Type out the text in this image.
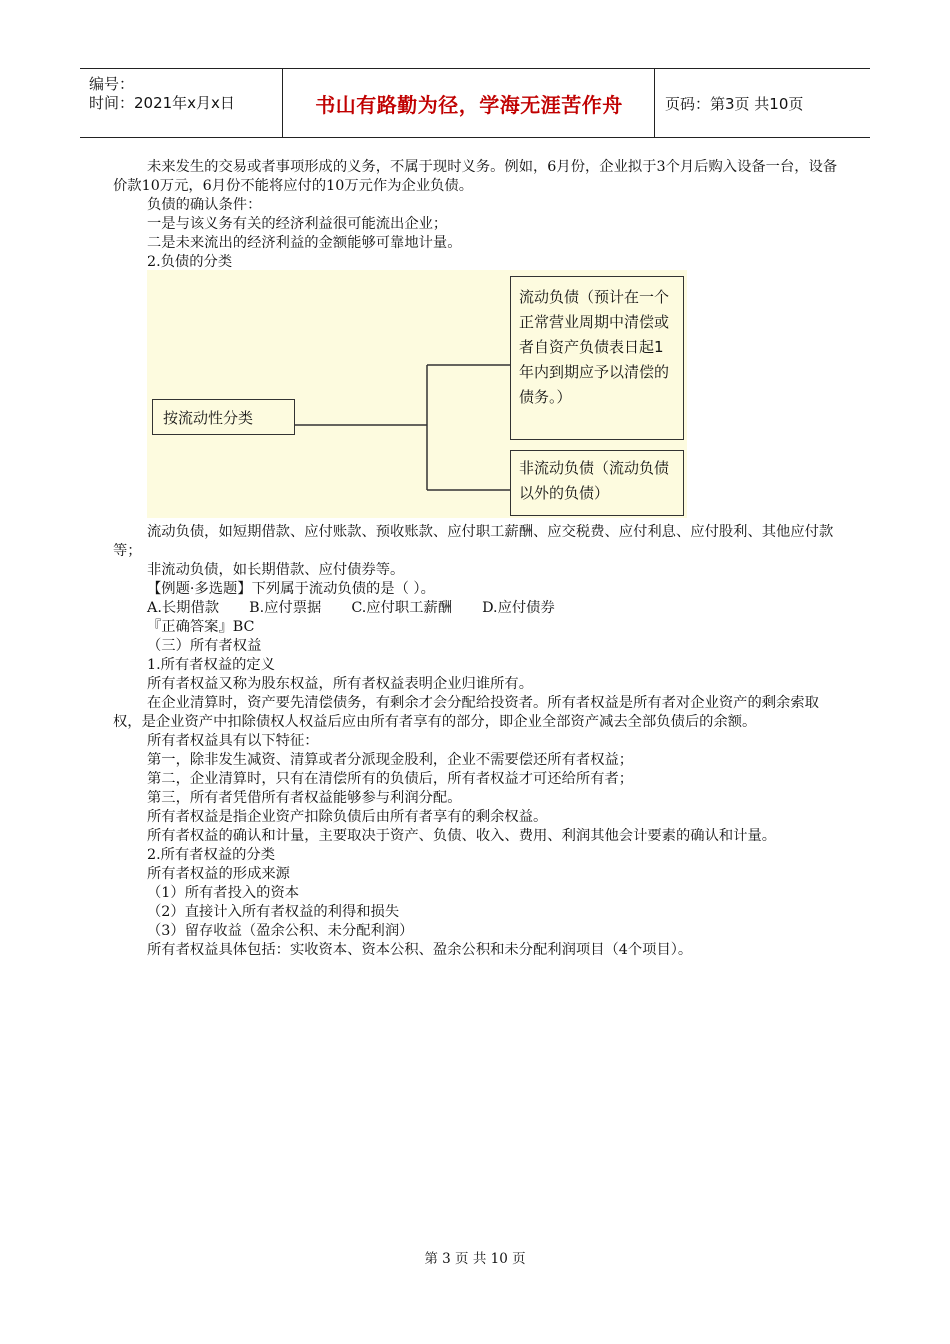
编号：
时间：2021年x月x日	书山有路勤为径，学海无涯苦作舟	页码：第3页 共10页

未来发生的交易或者事项形成的义务，不属于现时义务。例如，6月份，企业拟于3个月后购入设备一台，设备价款10万元，6月份不能将应付的10万元作为企业负债。

负债的确认条件：

一是与该义务有关的经济利益很可能流出企业；

二是未来流出的经济利益的金额能够可靠地计量。

2.负债的分类

按流动性分类
流动负债（预计在一个正常营业周期中清偿或者自资产负债表日起1年内到期应予以清偿的债务。）
非流动负债（流动负债以外的负债）

流动负债，如短期借款、应付账款、预收账款、应付职工薪酬、应交税费、应付利息、应付股利、其他应付款等；

非流动负债，如长期借款、应付债券等。

【例题·多选题】下列属于流动负债的是（ ）。

A.长期借款 B.应付票据 C.应付职工薪酬 D.应付债券

『正确答案』BC

（三）所有者权益

1.所有者权益的定义

所有者权益又称为股东权益，所有者权益表明企业归谁所有。

在企业清算时，资产要先清偿债务，有剩余才会分配给投资者。所有者权益是所有者对企业资产的剩余索取权，是企业资产中扣除债权人权益后应由所有者享有的部分，即企业全部资产减去全部负债后的余额。

所有者权益具有以下特征：

第一，除非发生减资、清算或者分派现金股利，企业不需要偿还所有者权益；

第二，企业清算时，只有在清偿所有的负债后，所有者权益才可还给所有者；

第三，所有者凭借所有者权益能够参与利润分配。

所有者权益是指企业资产扣除负债后由所有者享有的剩余权益。

所有者权益的确认和计量，主要取决于资产、负债、收入、费用、利润其他会计要素的确认和计量。

2.所有者权益的分类

所有者权益的形成来源

（1）所有者投入的资本

（2）直接计入所有者权益的利得和损失

（3）留存收益（盈余公积、未分配利润）

所有者权益具体包括：实收资本、资本公积、盈余公积和未分配利润项目（4个项目）。

第 3 页 共 10 页
